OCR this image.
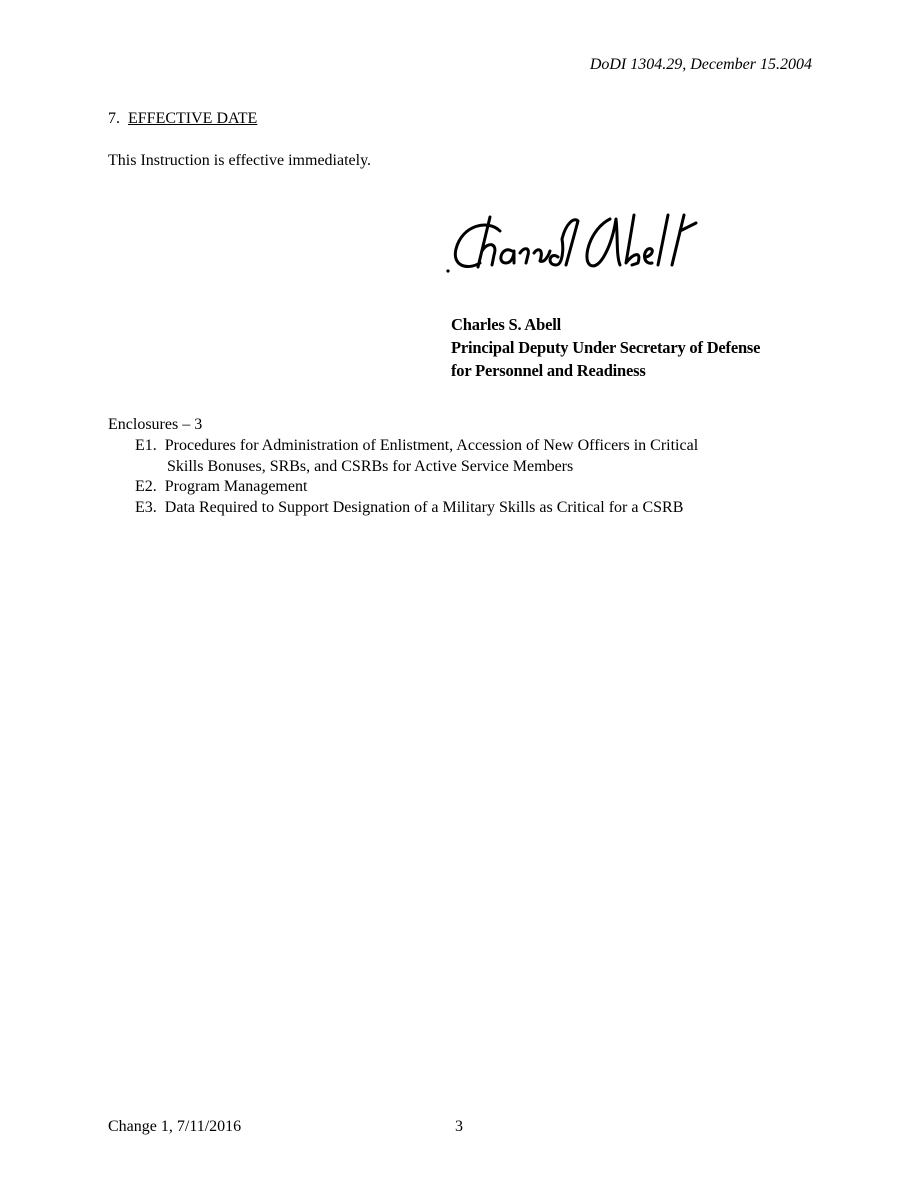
DoDI 1304.29, December 15.2004
7. EFFECTIVE DATE
This Instruction is effective immediately.
Charles S. Abell
Principal Deputy Under Secretary of Defense
for Personnel and Readiness
Enclosures – 3
E1. Procedures for Administration of Enlistment, Accession of New Officers in Critical
Skills Bonuses, SRBs, and CSRBs for Active Service Members
E2. Program Management
E3. Data Required to Support Designation of a Military Skills as Critical for a CSRB
Change 1, 7/11/2016	3
